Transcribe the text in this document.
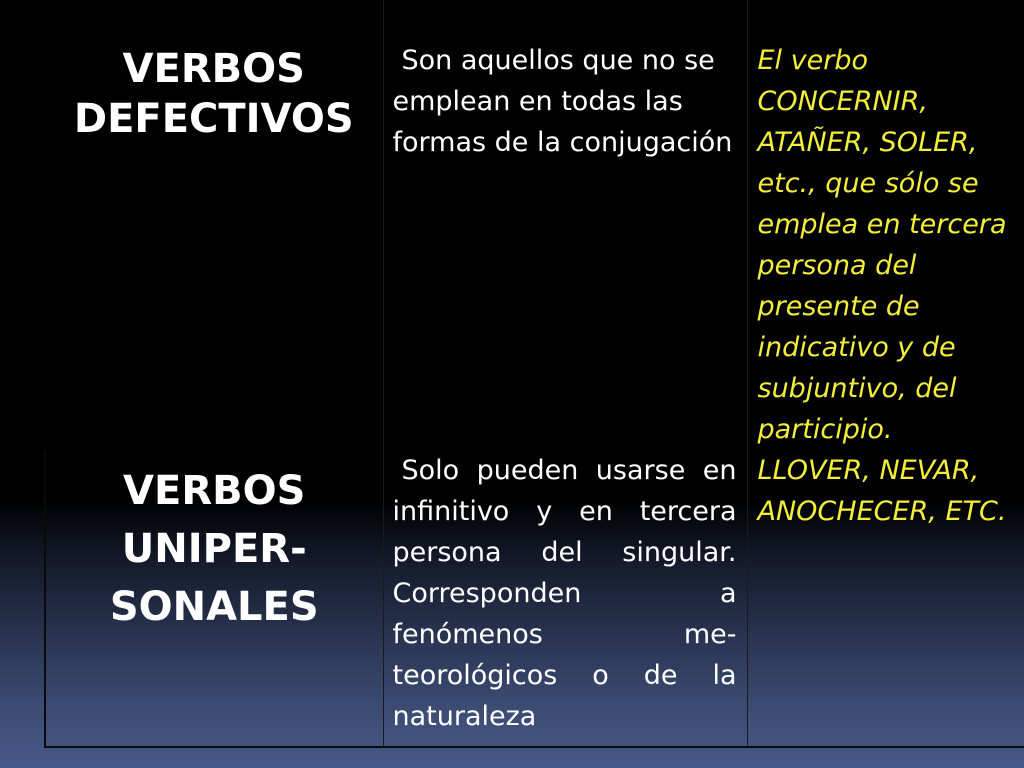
VERBOS
DEFECTIVOS	Son aquellos que no se emplean en todas las formas de la conjugación	El verbo CONCERNIR, ATAÑER, SOLER, etc., que sólo se emplea en tercera persona del presente de indicativo y de subjuntivo, del participio.

VERBOS
UNIPER-
SONALES	Solo pueden usarse en infinitivo y en tercera persona del singular. Corresponden a fenómenos me-teorológicos o de la naturaleza	LLOVER, NEVAR, ANOCHECER, ETC.
